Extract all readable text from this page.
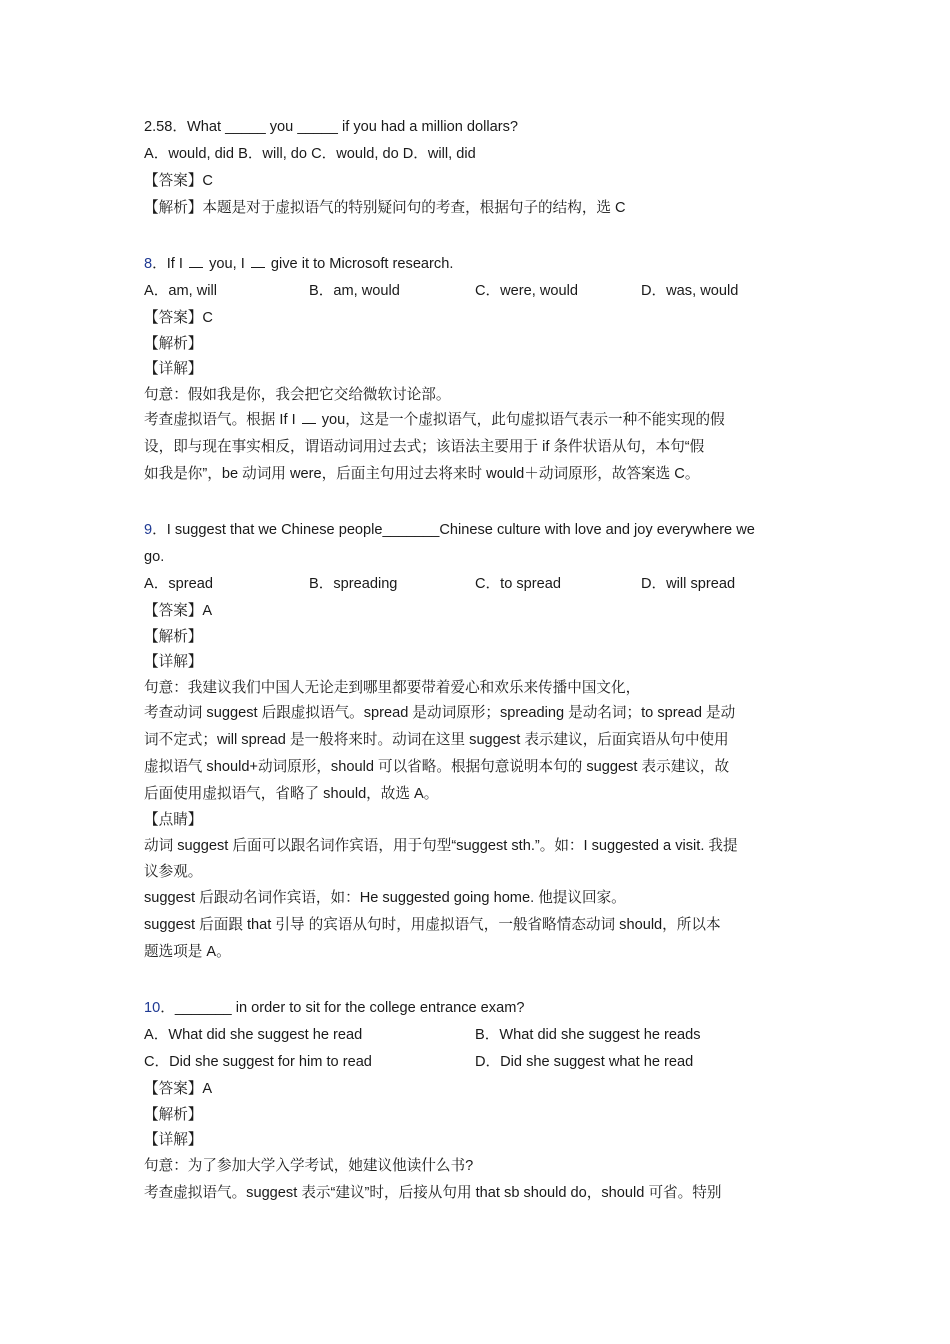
2.58．What _____ you _____ if you had a million dollars?
A．would, did B．will, do C．would, do D．will, did
【答案】C
【解析】本题是对于虚拟语气的特别疑问句的考查，根据句子的结构，选 C
8．If I you, I give it to Microsoft research.
A．am, will	B．am, would	C．were, would	D．was, would
【答案】C
【解析】
【详解】
句意：假如我是你，我会把它交给微软讨论部。
考查虚拟语气。根据 If I you，这是一个虚拟语气，此句虚拟语气表示一种不能实现的假
设，即与现在事实相反，谓语动词用过去式；该语法主要用于 if 条件状语从句，本句“假
如我是你”，be 动词用 were，后面主句用过去将来时 would＋动词原形，故答案选 C。
9．I suggest that we Chinese people_______Chinese culture with love and joy everywhere we
go.
A．spread	B．spreading	C．to spread	D．will spread
【答案】A
【解析】
【详解】
句意：我建议我们中国人无论走到哪里都要带着爱心和欢乐来传播中国文化，
考查动词 suggest 后跟虚拟语气。spread 是动词原形；spreading 是动名词；to spread 是动
词不定式；will spread 是一般将来时。动词在这里 suggest 表示建议，后面宾语从句中使用
虚拟语气 should+动词原形，should 可以省略。根据句意说明本句的 suggest 表示建议，故
后面使用虚拟语气，省略了 should，故选 A。
【点睛】
动词 suggest 后面可以跟名词作宾语，用于句型“suggest sth.”。如：I suggested a visit. 我提
议参观。
suggest 后跟动名词作宾语，如：He suggested going home. 他提议回家。
suggest 后面跟 that 引导 的宾语从句时，用虚拟语气，一般省略情态动词 should，所以本
题选项是 A。
10．_______ in order to sit for the college entrance exam?
A．What did she suggest he read	B．What did she suggest he reads
C．Did she suggest for him to read	D．Did she suggest what he read
【答案】A
【解析】
【详解】
句意：为了参加大学入学考试，她建议他读什么书?
考查虚拟语气。suggest 表示“建议”时，后接从句用 that sb should do，should 可省。特别
